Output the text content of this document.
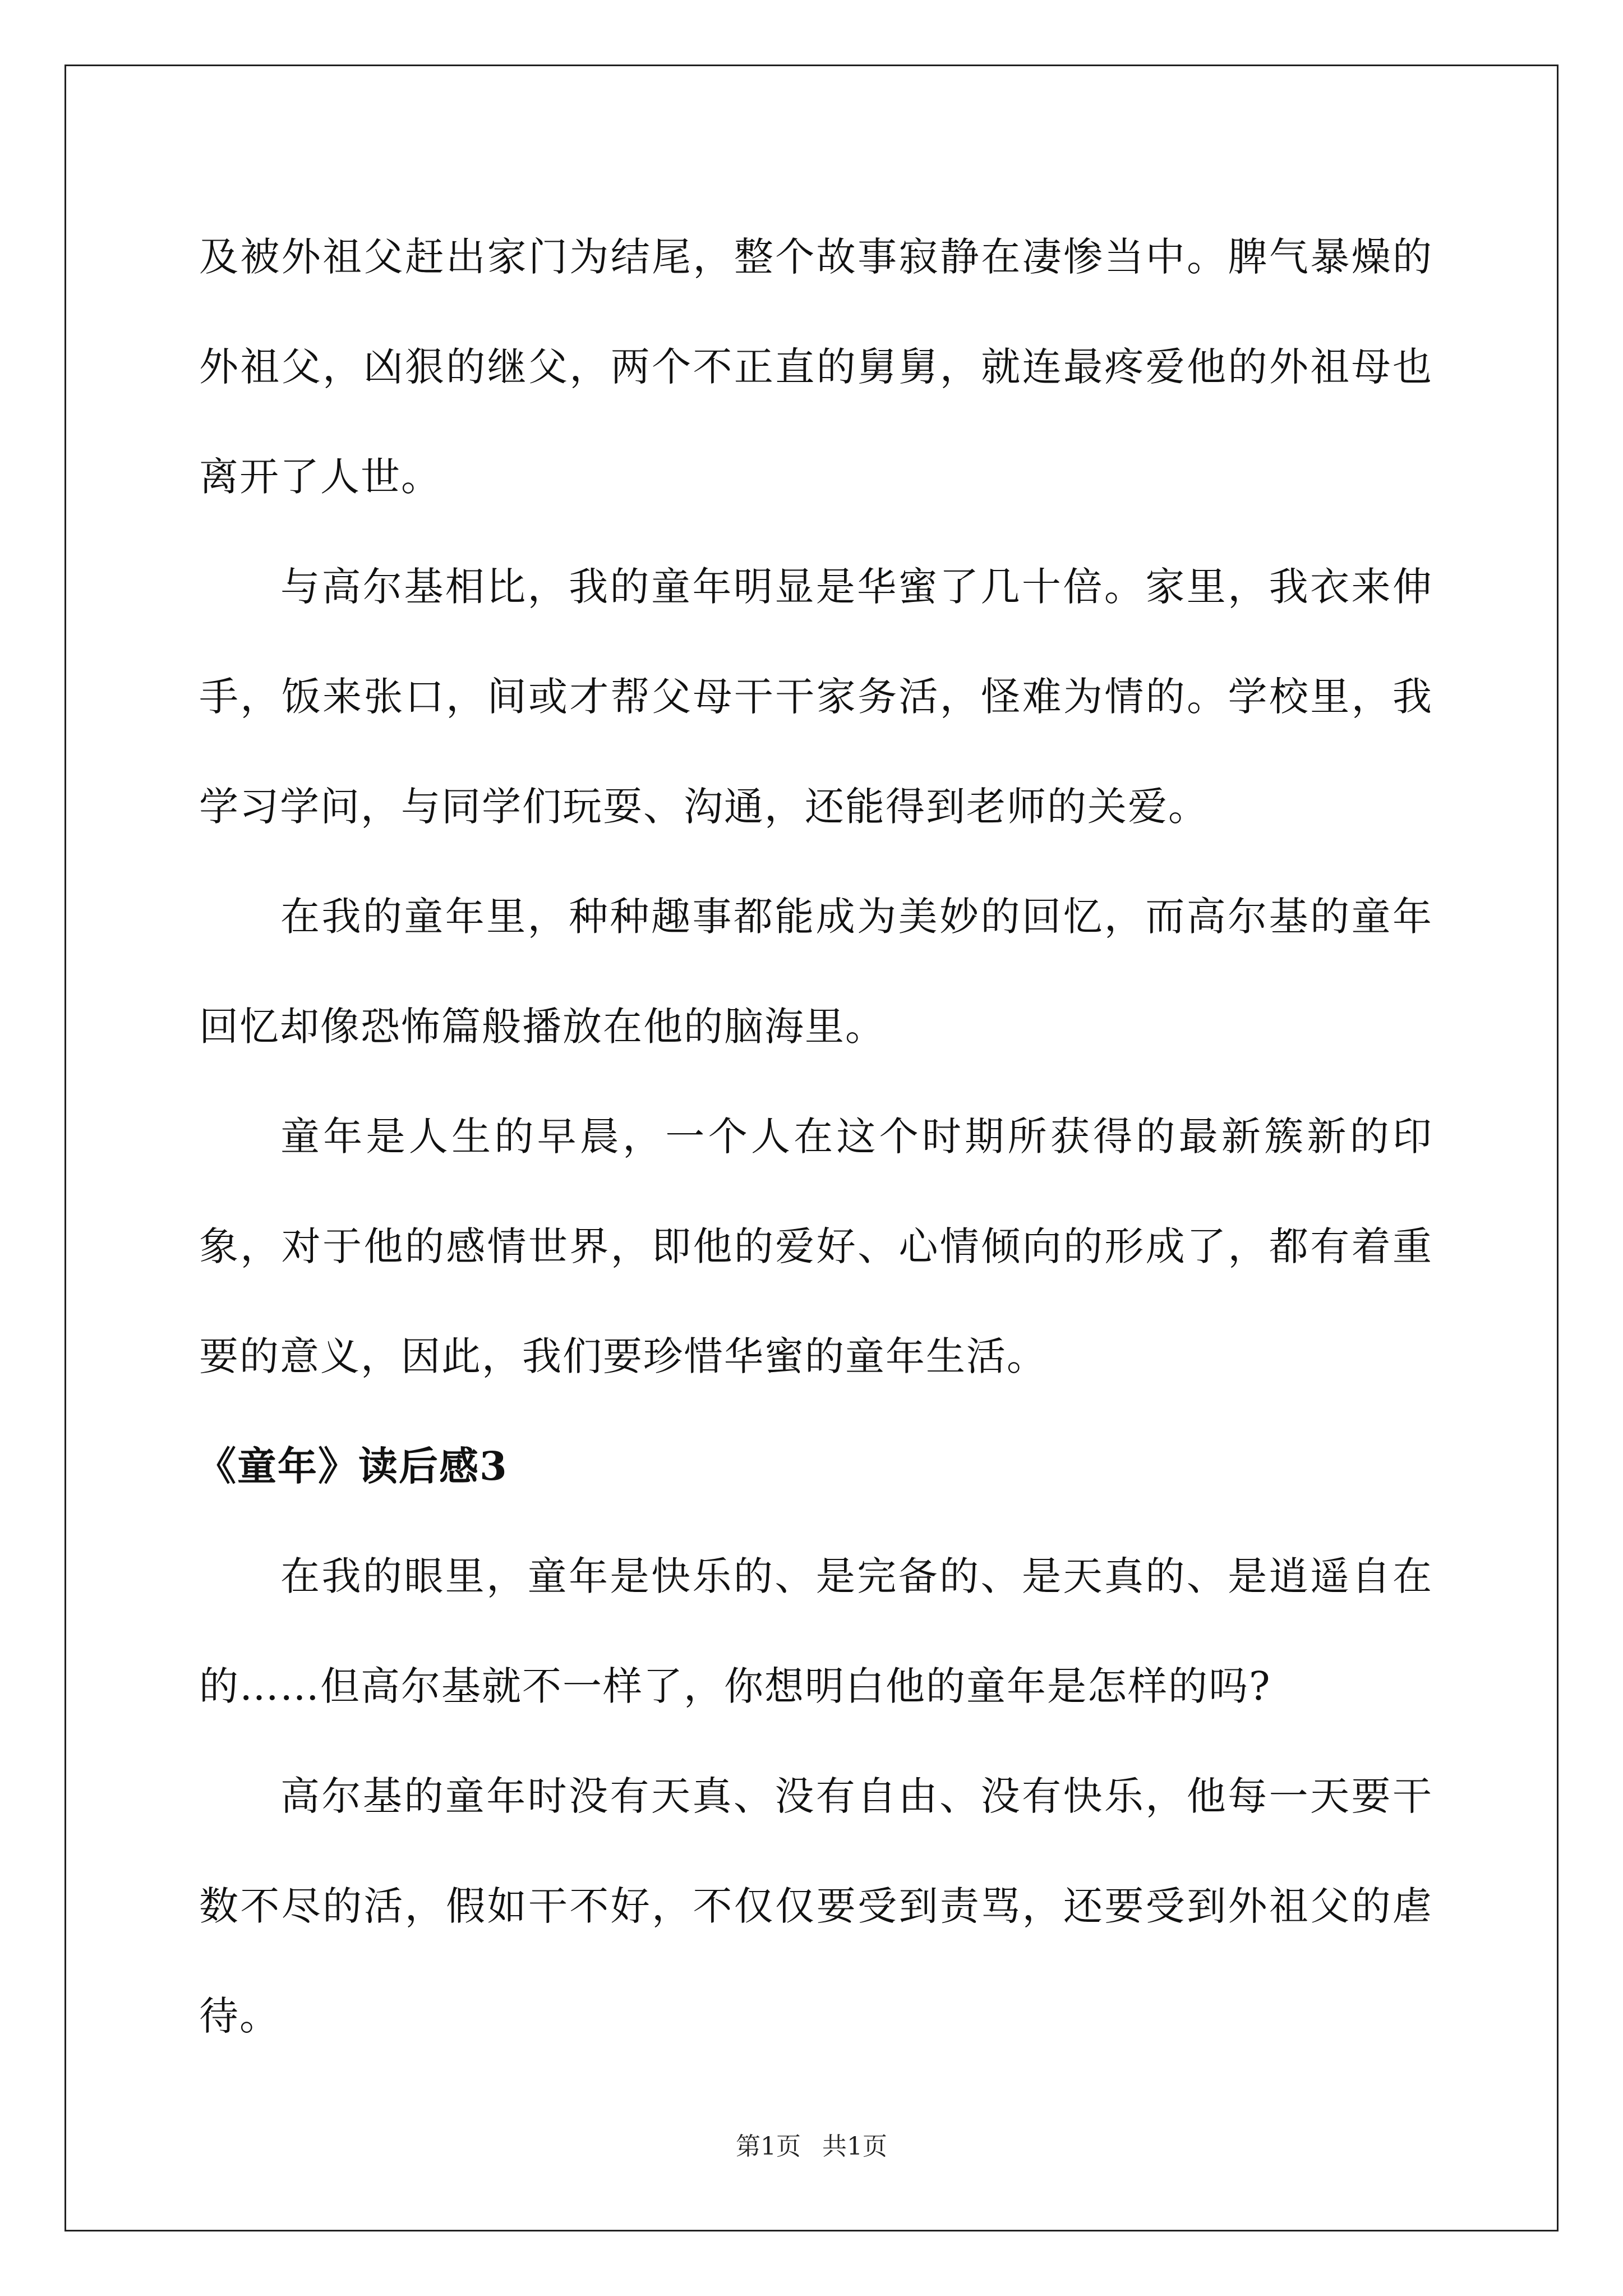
及被外祖父赶出家门为结尾，整个故事寂静在凄惨当中。脾气暴燥的外祖父，凶狠的继父，两个不正直的舅舅，就连最疼爱他的外祖母也离开了人世。

与高尔基相比，我的童年明显是华蜜了几十倍。家里，我衣来伸手，饭来张口，间或才帮父母干干家务活，怪难为情的。学校里，我学习学问，与同学们玩耍、沟通，还能得到老师的关爱。

在我的童年里，种种趣事都能成为美妙的回忆，而高尔基的童年回忆却像恐怖篇般播放在他的脑海里。

童年是人生的早晨，一个人在这个时期所获得的最新簇新的印象，对于他的感情世界，即他的爱好、心情倾向的形成了，都有着重要的意义，因此，我们要珍惜华蜜的童年生活。

《童年》读后感3

在我的眼里，童年是快乐的、是完备的、是天真的、是逍遥自在的……但高尔基就不一样了，你想明白他的童年是怎样的吗?

高尔基的童年时没有天真、没有自由、没有快乐，他每一天要干数不尽的活，假如干不好，不仅仅要受到责骂，还要受到外祖父的虐待。

第1页 共1页
